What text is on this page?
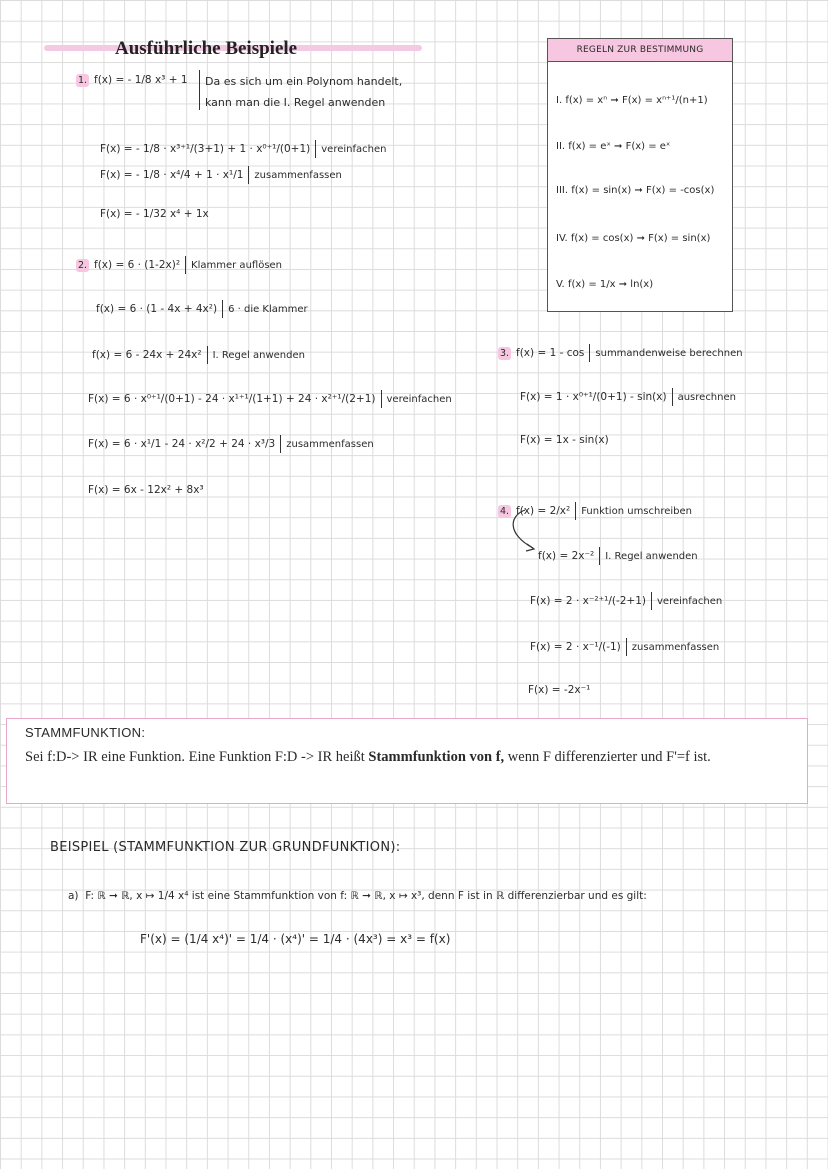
Ausführliche Beispiele
1. f(x) = - 1/8 x³ + 1 Da es sich um ein Polynom handelt,
kann man die I. Regel anwenden
F(x) = - 1/8 · x³⁺¹/(3+1) + 1 · x⁰⁺¹/(0+1) vereinfachen
F(x) = - 1/8 · x⁴/4 + 1 · x¹/1 zusammenfassen
F(x) = - 1/32 x⁴ + 1x
REGELN ZUR BESTIMMUNG
I. f(x) = xⁿ ➞ F(x) = xⁿ⁺¹/(n+1)
II. f(x) = eˣ ➞ F(x) = eˣ
III. f(x) = sin(x) ➞ F(x) = -cos(x)
IV. f(x) = cos(x) ➞ F(x) = sin(x)
V. f(x) = 1/x ➞ ln(x)
2. f(x) = 6 · (1-2x)² Klammer auflösen
f(x) = 6 · (1 - 4x + 4x²) 6 · die Klammer
f(x) = 6 - 24x + 24x² I. Regel anwenden
F(x) = 6 · x⁰⁺¹/(0+1) - 24 · x¹⁺¹/(1+1) + 24 · x²⁺¹/(2+1) vereinfachen
F(x) = 6 · x¹/1 - 24 · x²/2 + 24 · x³/3 zusammenfassen
F(x) = 6x - 12x² + 8x³
3. f(x) = 1 - cos summandenweise berechnen
F(x) = 1 · x⁰⁺¹/(0+1) - sin(x) ausrechnen
F(x) = 1x - sin(x)
4. f(x) = 2/x² Funktion umschreiben
f(x) = 2x⁻² I. Regel anwenden
F(x) = 2 · x⁻²⁺¹/(-2+1) vereinfachen
F(x) = 2 · x⁻¹/(-1) zusammenfassen
F(x) = -2x⁻¹
STAMMFUNKTION:
Sei f:D-> IR eine Funktion. Eine Funktion F:D -> IR heißt Stammfunktion von f, wenn F differenzierter und F'=f ist.
BEISPIEL (STAMMFUNKTION ZUR GRUNDFUNKTION):
a) F: ℝ ➞ ℝ, x ↦ 1/4 x⁴ ist eine Stammfunktion von f: ℝ ➞ ℝ, x ↦ x³, denn F ist in ℝ differenzierbar und es gilt:
F'(x) = (1/4 x⁴)' = 1/4 · (x⁴)' = 1/4 · (4x³) = x³ = f(x)
